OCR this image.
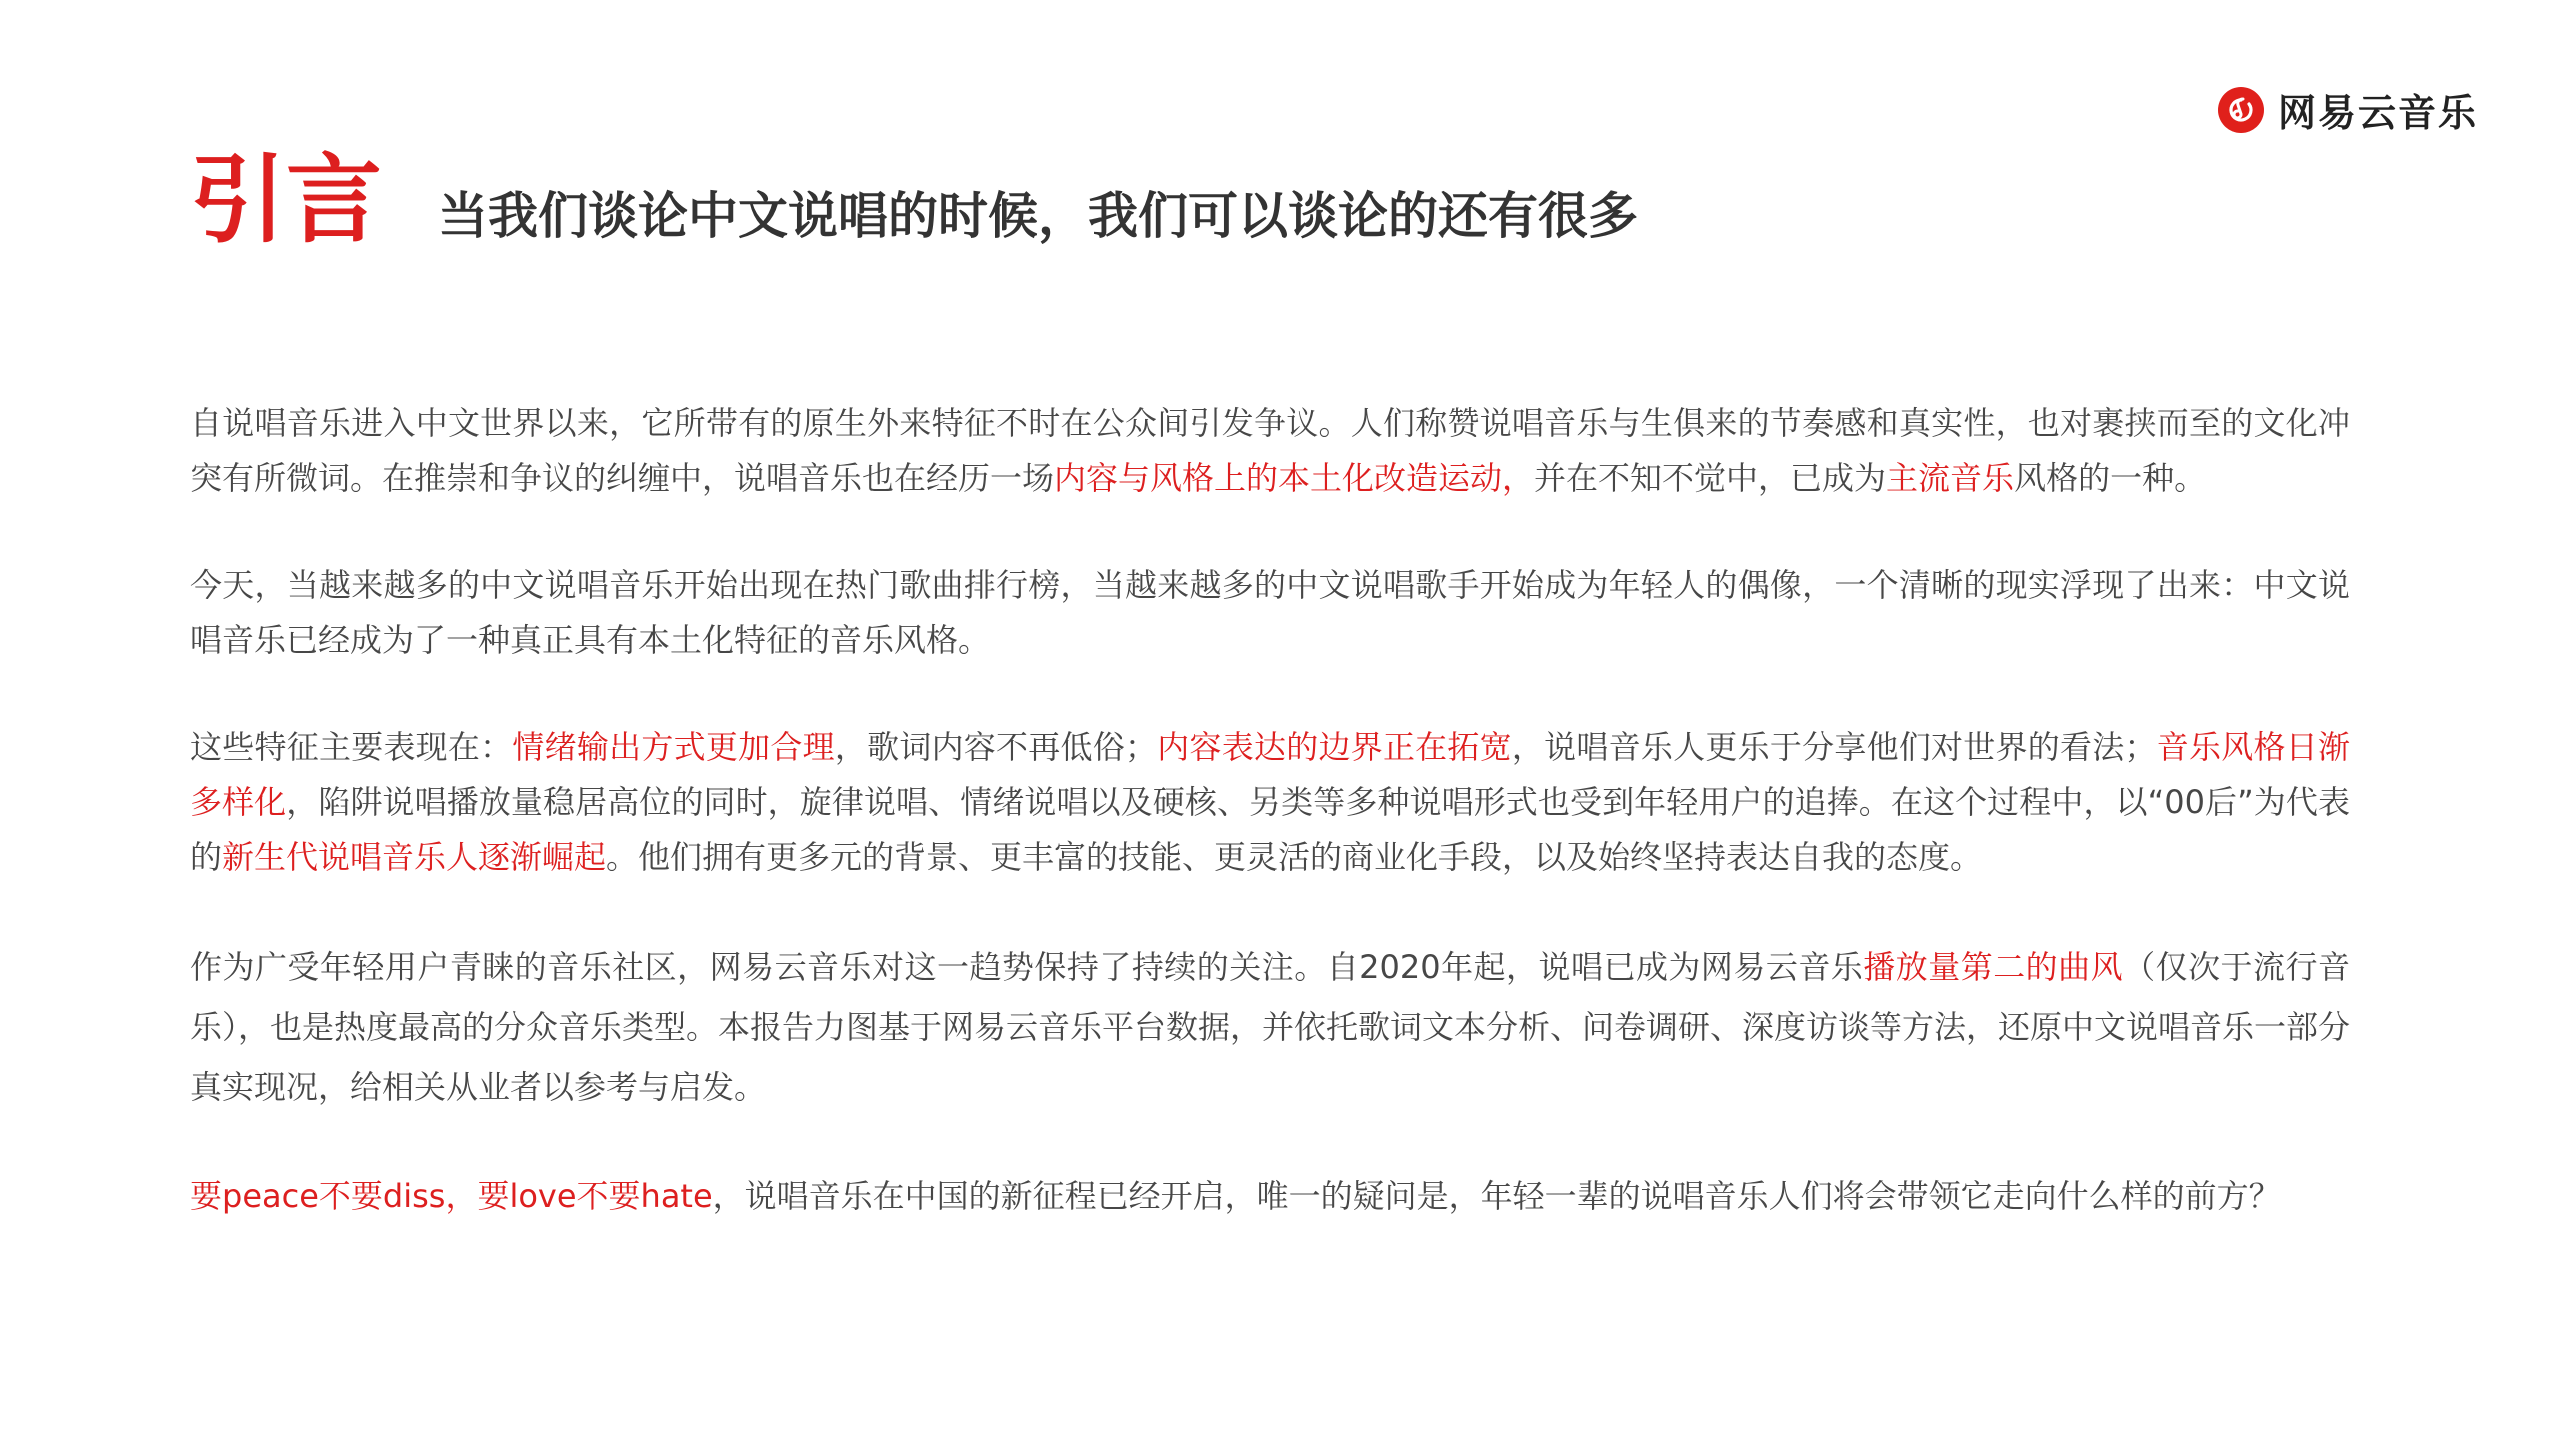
网易云音乐
引言 当我们谈论中文说唱的时候，我们可以谈论的还有很多

自说唱音乐进入中文世界以来，它所带有的原生外来特征不时在公众间引发争议。人们称赞说唱音乐与生俱来的节奏感和真实性，也对裹挟而至的文化冲突有所微词。在推崇和争议的纠缠中，说唱音乐也在经历一场内容与风格上的本土化改造运动，并在不知不觉中，已成为主流音乐风格的一种。

今天，当越来越多的中文说唱音乐开始出现在热门歌曲排行榜，当越来越多的中文说唱歌手开始成为年轻人的偶像，一个清晰的现实浮现了出来：中文说唱音乐已经成为了一种真正具有本土化特征的音乐风格。

这些特征主要表现在：情绪输出方式更加合理，歌词内容不再低俗；内容表达的边界正在拓宽，说唱音乐人更乐于分享他们对世界的看法；音乐风格日渐多样化，陷阱说唱播放量稳居高位的同时，旋律说唱、情绪说唱以及硬核、另类等多种说唱形式也受到年轻用户的追捧。在这个过程中，以“00后”为代表的新生代说唱音乐人逐渐崛起。他们拥有更多元的背景、更丰富的技能、更灵活的商业化手段，以及始终坚持表达自我的态度。

作为广受年轻用户青睐的音乐社区，网易云音乐对这一趋势保持了持续的关注。自2020年起，说唱已成为网易云音乐播放量第二的曲风（仅次于流行音乐），也是热度最高的分众音乐类型。本报告力图基于网易云音乐平台数据，并依托歌词文本分析、问卷调研、深度访谈等方法，还原中文说唱音乐一部分真实现况，给相关从业者以参考与启发。

要peace不要diss，要love不要hate，说唱音乐在中国的新征程已经开启，唯一的疑问是，年轻一辈的说唱音乐人们将会带领它走向什么样的前方？
